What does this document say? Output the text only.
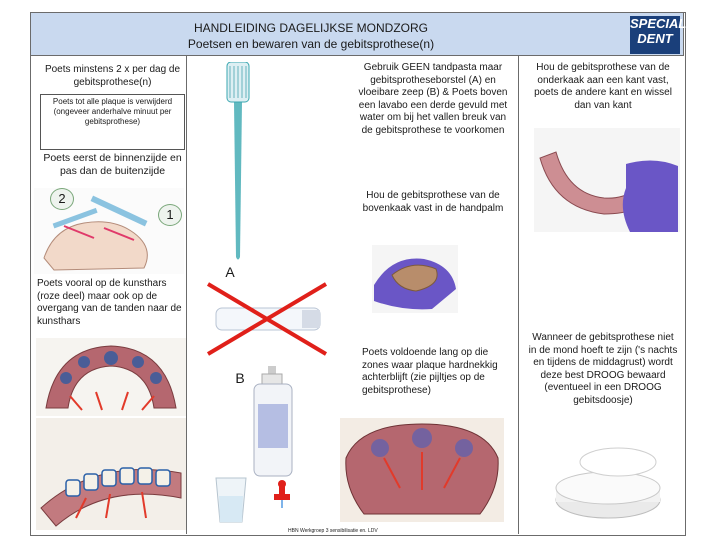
HANDLEIDING DAGELIJKSE MONDZORG
Poetsen en bewaren van de gebitsprothese(n)
SPECIAL
DENT
Poets minstens 2 x per dag de gebitsprothese(n)
Poets tot alle plaque is verwijderd (ongeveer anderhalve minuut per gebitsprothese)
Poets eerst de binnenzijde en pas dan de buitenzijde
2
1
Poets vooral op de kunsthars (roze deel) maar ook op de overgang van de tanden naar de kunsthars
Gebruik GEEN tandpasta maar gebitsprotheseborstel (A) en vloeibare zeep (B) & Poets boven een lavabo een derde gevuld met water om bij het vallen breuk van de gebitsprothese te voorkomen
A
Hou de gebitsprothese van de bovenkaak vast in de handpalm
B
Poets voldoende lang op die zones waar plaque hardnekkig achterblijft (zie pijltjes op de gebitsprothese)
HBN Werkgroep 3 sensibilisatie en. LDV
Hou de gebitsprothese van de onderkaak aan een kant vast, poets de andere kant en wissel dan van kant
Wanneer de gebitsprothese niet in de mond hoeft te zijn ('s nachts en tijdens de middagrust) wordt deze best DROOG bewaard (eventueel in een DROOG gebitsdoosje)
